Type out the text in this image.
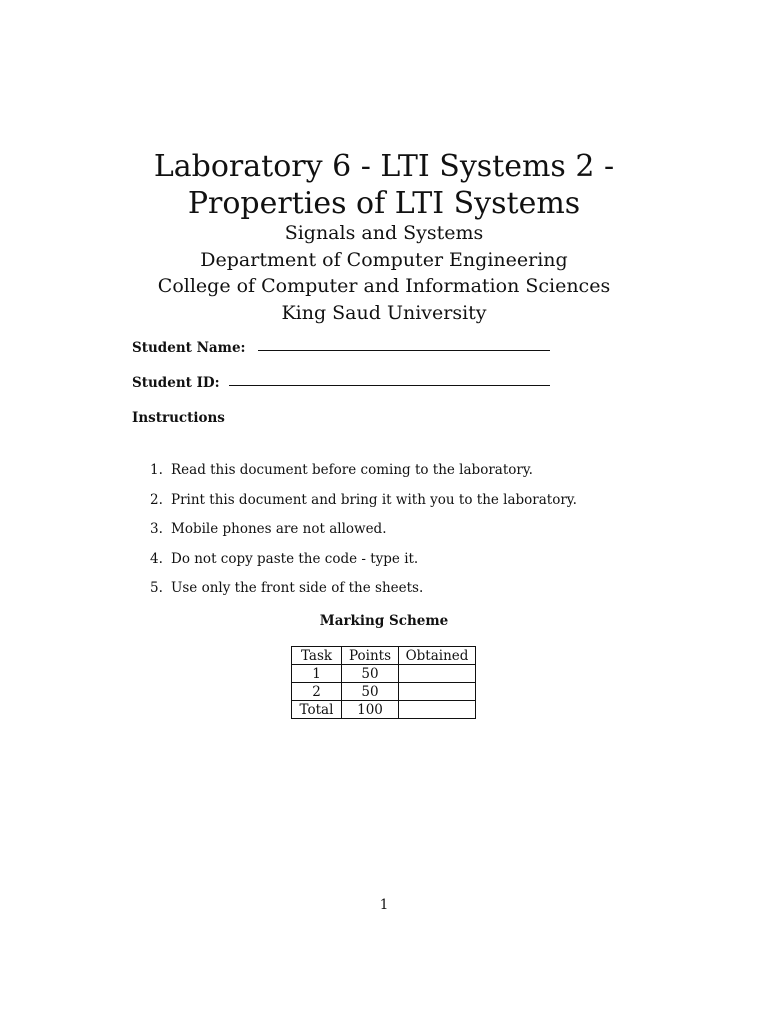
Laboratory 6 - LTI Systems 2 -
Properties of LTI Systems
Signals and Systems
Department of Computer Engineering
College of Computer and Information Sciences
King Saud University
Student Name:
Student ID:
Instructions
1. Read this document before coming to the laboratory.
2. Print this document and bring it with you to the laboratory.
3. Mobile phones are not allowed.
4. Do not copy paste the code - type it.
5. Use only the front side of the sheets.
Marking Scheme
Task	Points	Obtained
1	50	
2	50	
Total	100	
1
